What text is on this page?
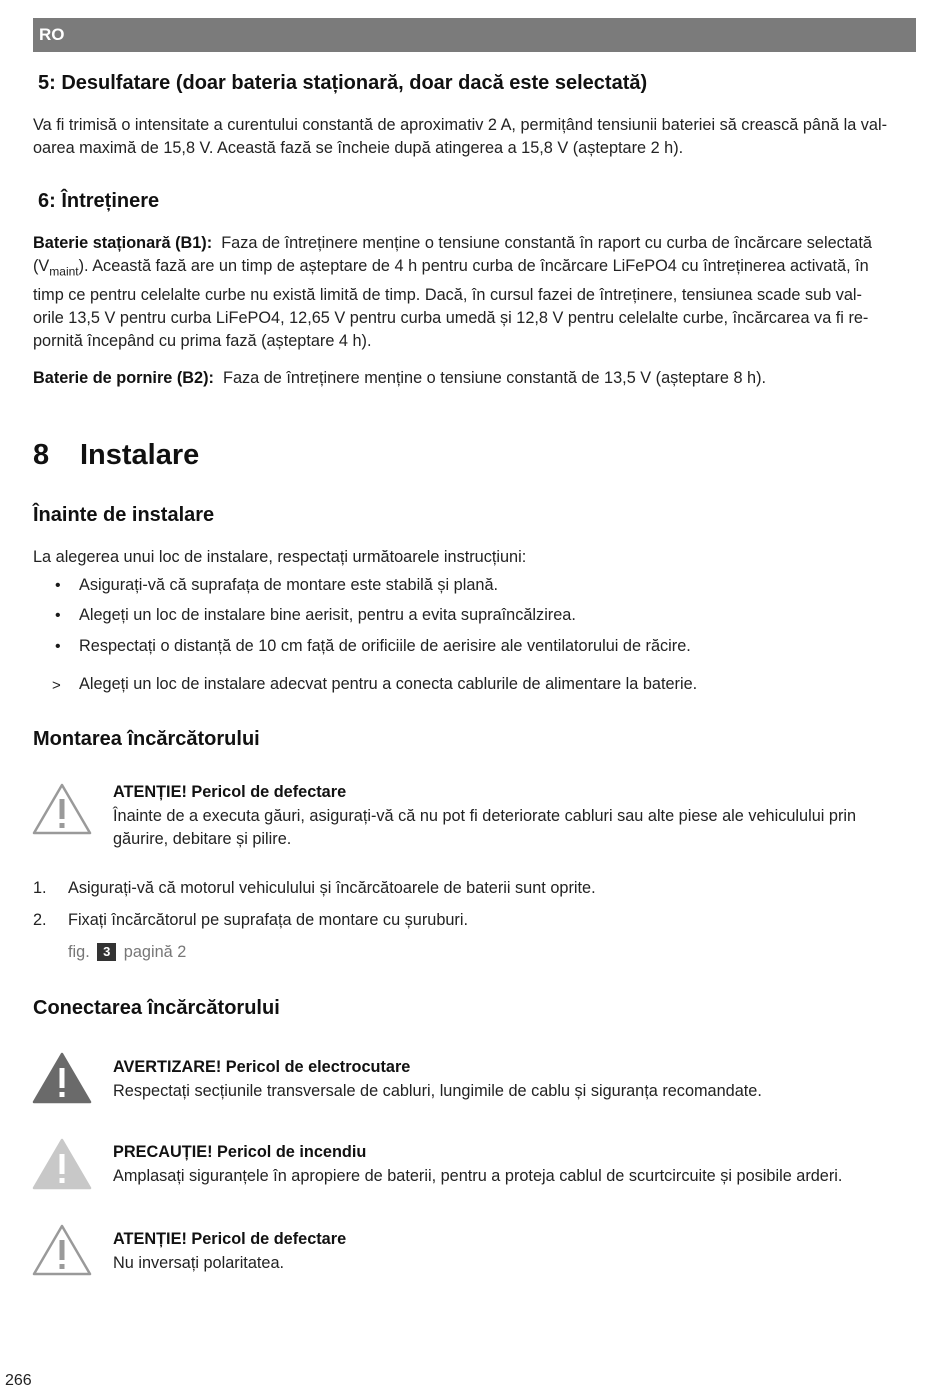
RO
5: Desulfatare (doar bateria staționară, doar dacă este selectată)
Va fi trimisă o intensitate a curentului constantă de aproximativ 2 A, permițând tensiunii bateriei să crească până la val-
oarea maximă de 15,8 V. Această fază se încheie după atingerea a 15,8 V (așteptare 2 h).
6: Întreținere
Baterie staționară (B1): Faza de întreținere menține o tensiune constantă în raport cu curba de încărcare selectată
$(V_{maint})$. Această fază are un timp de așteptare de 4 h pentru curba de încărcare LiFePO4 cu întreținerea activată, în
timp ce pentru celelalte curbe nu există limită de timp. Dacă, în cursul fazei de întreținere, tensiunea scade sub val-
orile 13,5 V pentru curba LiFePO4, 12,65 V pentru curba umedă și 12,8 V pentru celelalte curbe, încărcarea va fi re-
pornită începând cu prima fază (așteptare 4 h).
Baterie de pornire (B2): Faza de întreținere menține o tensiune constantă de 13,5 V (așteptare 8 h).
8 Instalare
Înainte de instalare
La alegerea unui loc de instalare, respectați următoarele instrucțiuni:
• Asigurați-vă că suprafața de montare este stabilă și plană.
• Alegeți un loc de instalare bine aerisit, pentru a evita supraîncălzirea.
• Respectați o distanță de 10 cm față de orificiile de aerisire ale ventilatorului de răcire.
> Alegeți un loc de instalare adecvat pentru a conecta cablurile de alimentare la baterie.
Montarea încărcătorului
ATENȚIE! Pericol de defectare
Înainte de a executa găuri, asigurați-vă că nu pot fi deteriorate cabluri sau alte piese ale vehiculului prin
găurire, debitare și pilire.
1. Asigurați-vă că motorul vehiculului și încărcătoarele de baterii sunt oprite.
2. Fixați încărcătorul pe suprafața de montare cu șuruburi.
fig. 3 pagină 2
Conectarea încărcătorului
AVERTIZARE! Pericol de electrocutare
Respectați secțiunile transversale de cabluri, lungimile de cablu și siguranța recomandate.
PRECAUȚIE! Pericol de incendiu
Amplasați siguranțele în apropiere de baterii, pentru a proteja cablul de scurtcircuite și posibile arderi.
ATENȚIE! Pericol de defectare
Nu inversați polaritatea.
266
